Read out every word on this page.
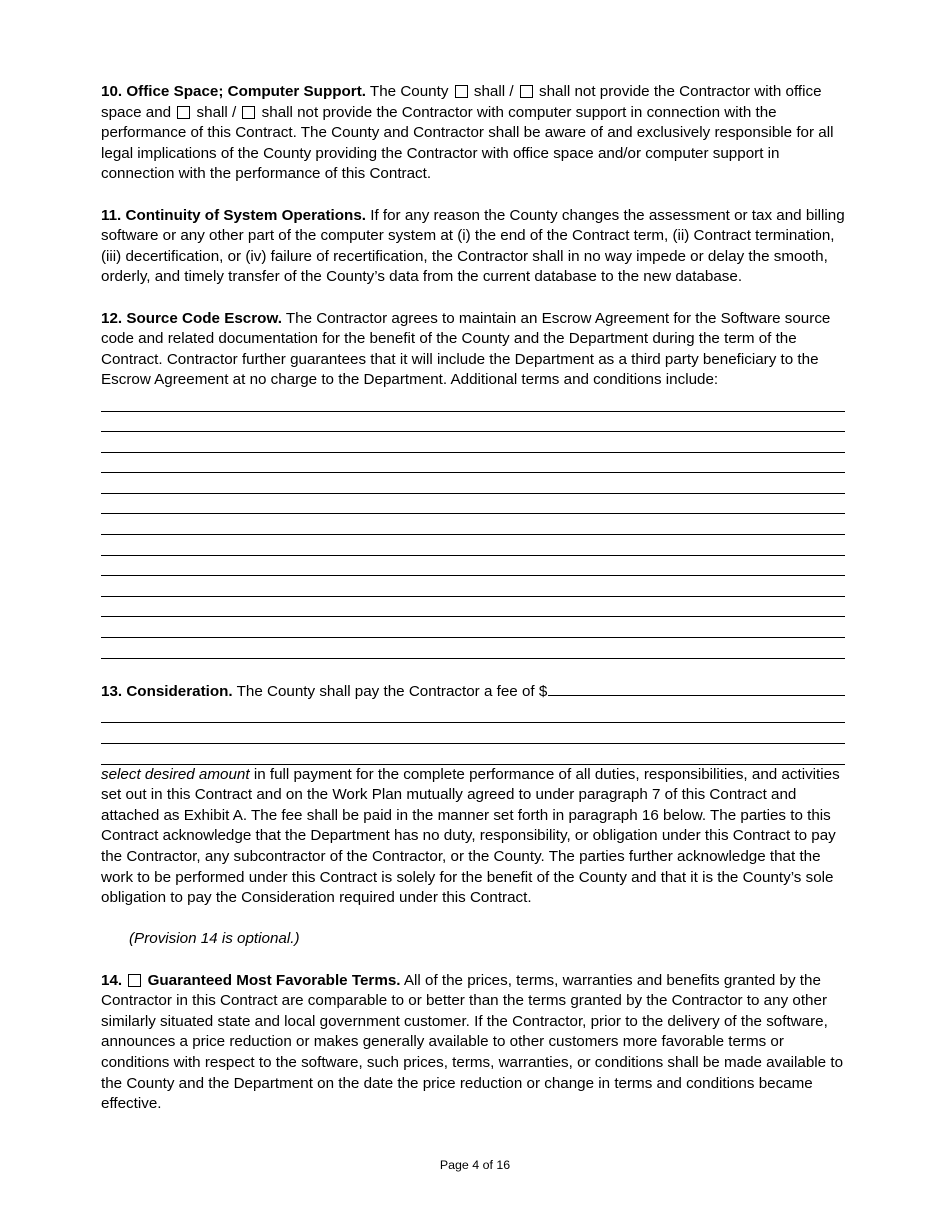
10. Office Space; Computer Support. The County  shall /  shall not provide the Contractor with office space and  shall /  shall not provide the Contractor with computer support in connection with the performance of this Contract. The County and Contractor shall be aware of and exclusively responsible for all legal implications of the County providing the Contractor with office space and/or computer support in connection with the performance of this Contract.

11. Continuity of System Operations. If for any reason the County changes the assessment or tax and billing software or any other part of the computer system at (i) the end of the Contract term, (ii) Contract termination, (iii) decertification, or (iv) failure of recertification, the Contractor shall in no way impede or delay the smooth, orderly, and timely transfer of the County’s data from the current database to the new database.

12. Source Code Escrow. The Contractor agrees to maintain an Escrow Agreement for the Software source code and related documentation for the benefit of the County and the Department during the term of the Contract. Contractor further guarantees that it will include the Department as a third party beneficiary to the Escrow Agreement at no charge to the Department. Additional terms and conditions include:

13. Consideration. The County shall pay the Contractor a fee of $

select desired amount in full payment for the complete performance of all duties, responsibilities, and activities set out in this Contract and on the Work Plan mutually agreed to under paragraph 7 of this Contract and attached as Exhibit A. The fee shall be paid in the manner set forth in paragraph 16 below. The parties to this Contract acknowledge that the Department has no duty, responsibility, or obligation under this Contract to pay the Contractor, any subcontractor of the Contractor, or the County. The parties further acknowledge that the work to be performed under this Contract is solely for the benefit of the County and that it is the County’s sole obligation to pay the Consideration required under this Contract.

(Provision 14 is optional.)

14. Guaranteed Most Favorable Terms. All of the prices, terms, warranties and benefits granted by the Contractor in this Contract are comparable to or better than the terms granted by the Contractor to any other similarly situated state and local government customer. If the Contractor, prior to the delivery of the software, announces a price reduction or makes generally available to other customers more favorable terms or conditions with respect to the software, such prices, terms, warranties, or conditions shall be made available to the County and the Department on the date the price reduction or change in terms and conditions became effective.

Page 4 of 16
